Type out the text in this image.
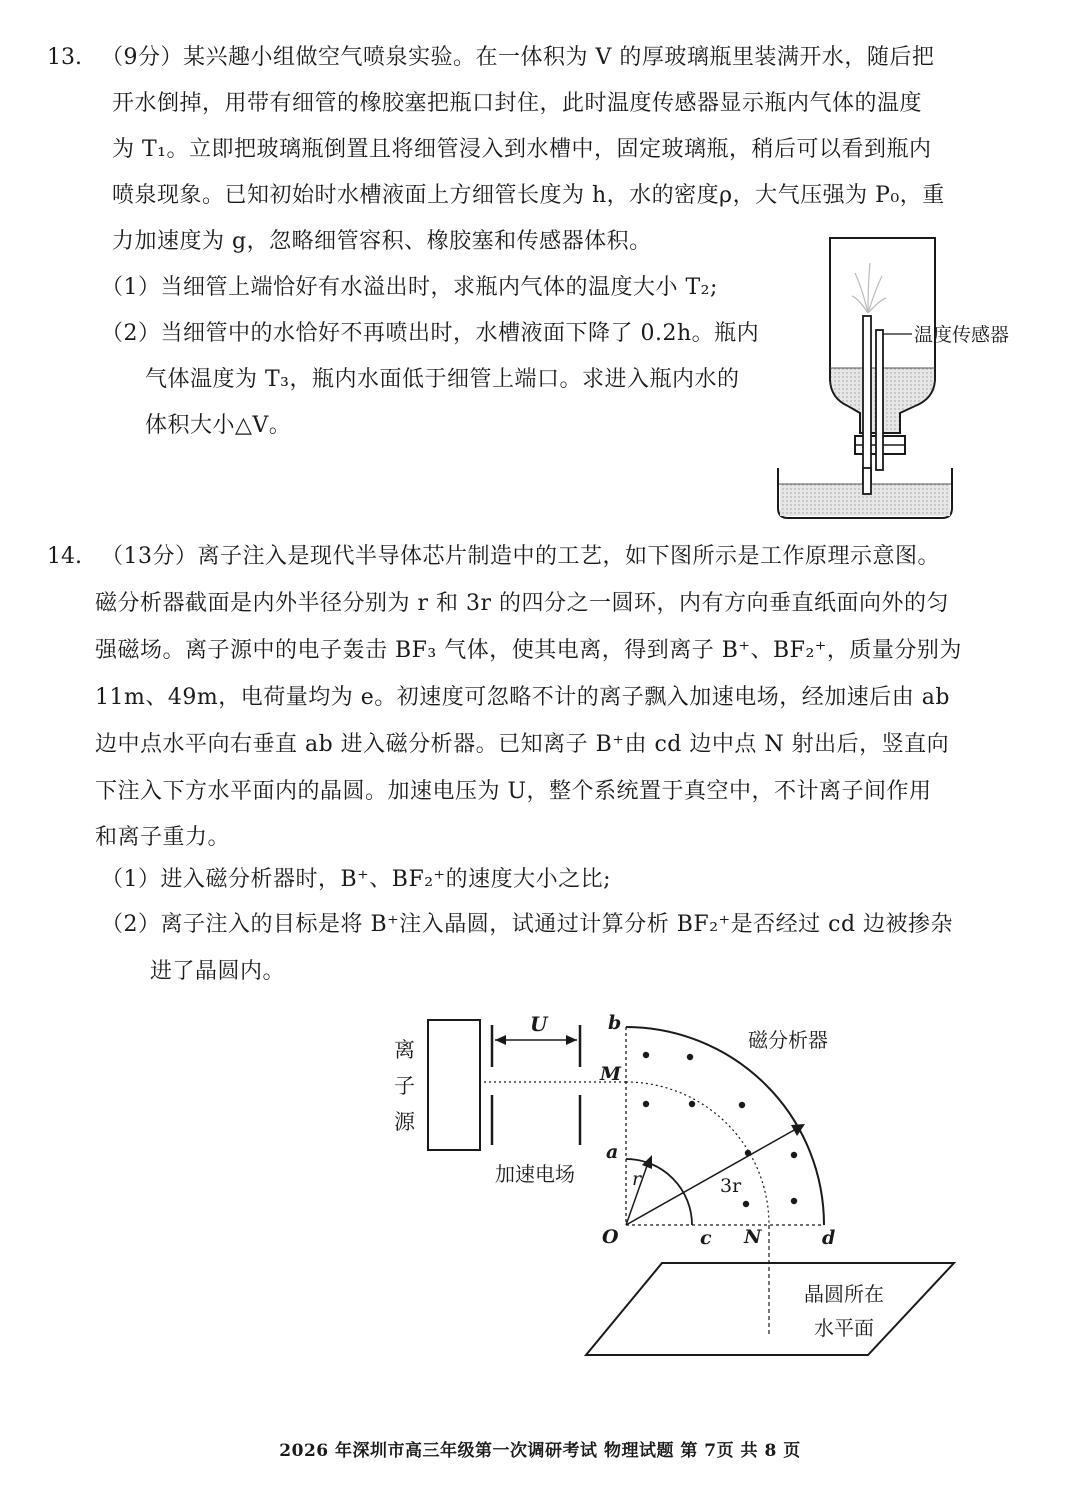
13. （9分）某兴趣小组做空气喷泉实验。在一体积为 V 的厚玻璃瓶里装满开水，随后把
开水倒掉，用带有细管的橡胶塞把瓶口封住，此时温度传感器显示瓶内气体的温度
为 T₁。立即把玻璃瓶倒置且将细管浸入到水槽中，固定玻璃瓶，稍后可以看到瓶内
喷泉现象。已知初始时水槽液面上方细管长度为 h，水的密度ρ，大气压强为 P₀，重
力加速度为 g，忽略细管容积、橡胶塞和传感器体积。
（1）当细管上端恰好有水溢出时，求瓶内气体的温度大小 T₂;
（2）当细管中的水恰好不再喷出时，水槽液面下降了 0.2h。瓶内
气体温度为 T₃，瓶内水面低于细管上端口。求进入瓶内水的
体积大小△V。
温度传感器
14. （13分）离子注入是现代半导体芯片制造中的工艺，如下图所示是工作原理示意图。
磁分析器截面是内外半径分别为 r 和 3r 的四分之一圆环，内有方向垂直纸面向外的匀
强磁场。离子源中的电子轰击 BF₃ 气体，使其电离，得到离子 B⁺、BF₂⁺，质量分别为
11m、49m，电荷量均为 e。初速度可忽略不计的离子飘入加速电场，经加速后由 ab
边中点水平向右垂直 ab 进入磁分析器。已知离子 B⁺由 cd 边中点 N 射出后，竖直向
下注入下方水平面内的晶圆。加速电压为 U，整个系统置于真空中，不计离子间作用
和离子重力。
（1）进入磁分析器时，B⁺、BF₂⁺的速度大小之比;
（2）离子注入的目标是将 B⁺注入晶圆，试通过计算分析 BF₂⁺是否经过 cd 边被掺杂
进了晶圆内。
离
子
源
U
加速电场	r	3r
b
M
a
O	c N	d
磁分析器
晶圆所在
水平面
2026 年深圳市高三年级第一次调研考试 物理试题 第 7页 共 8 页
